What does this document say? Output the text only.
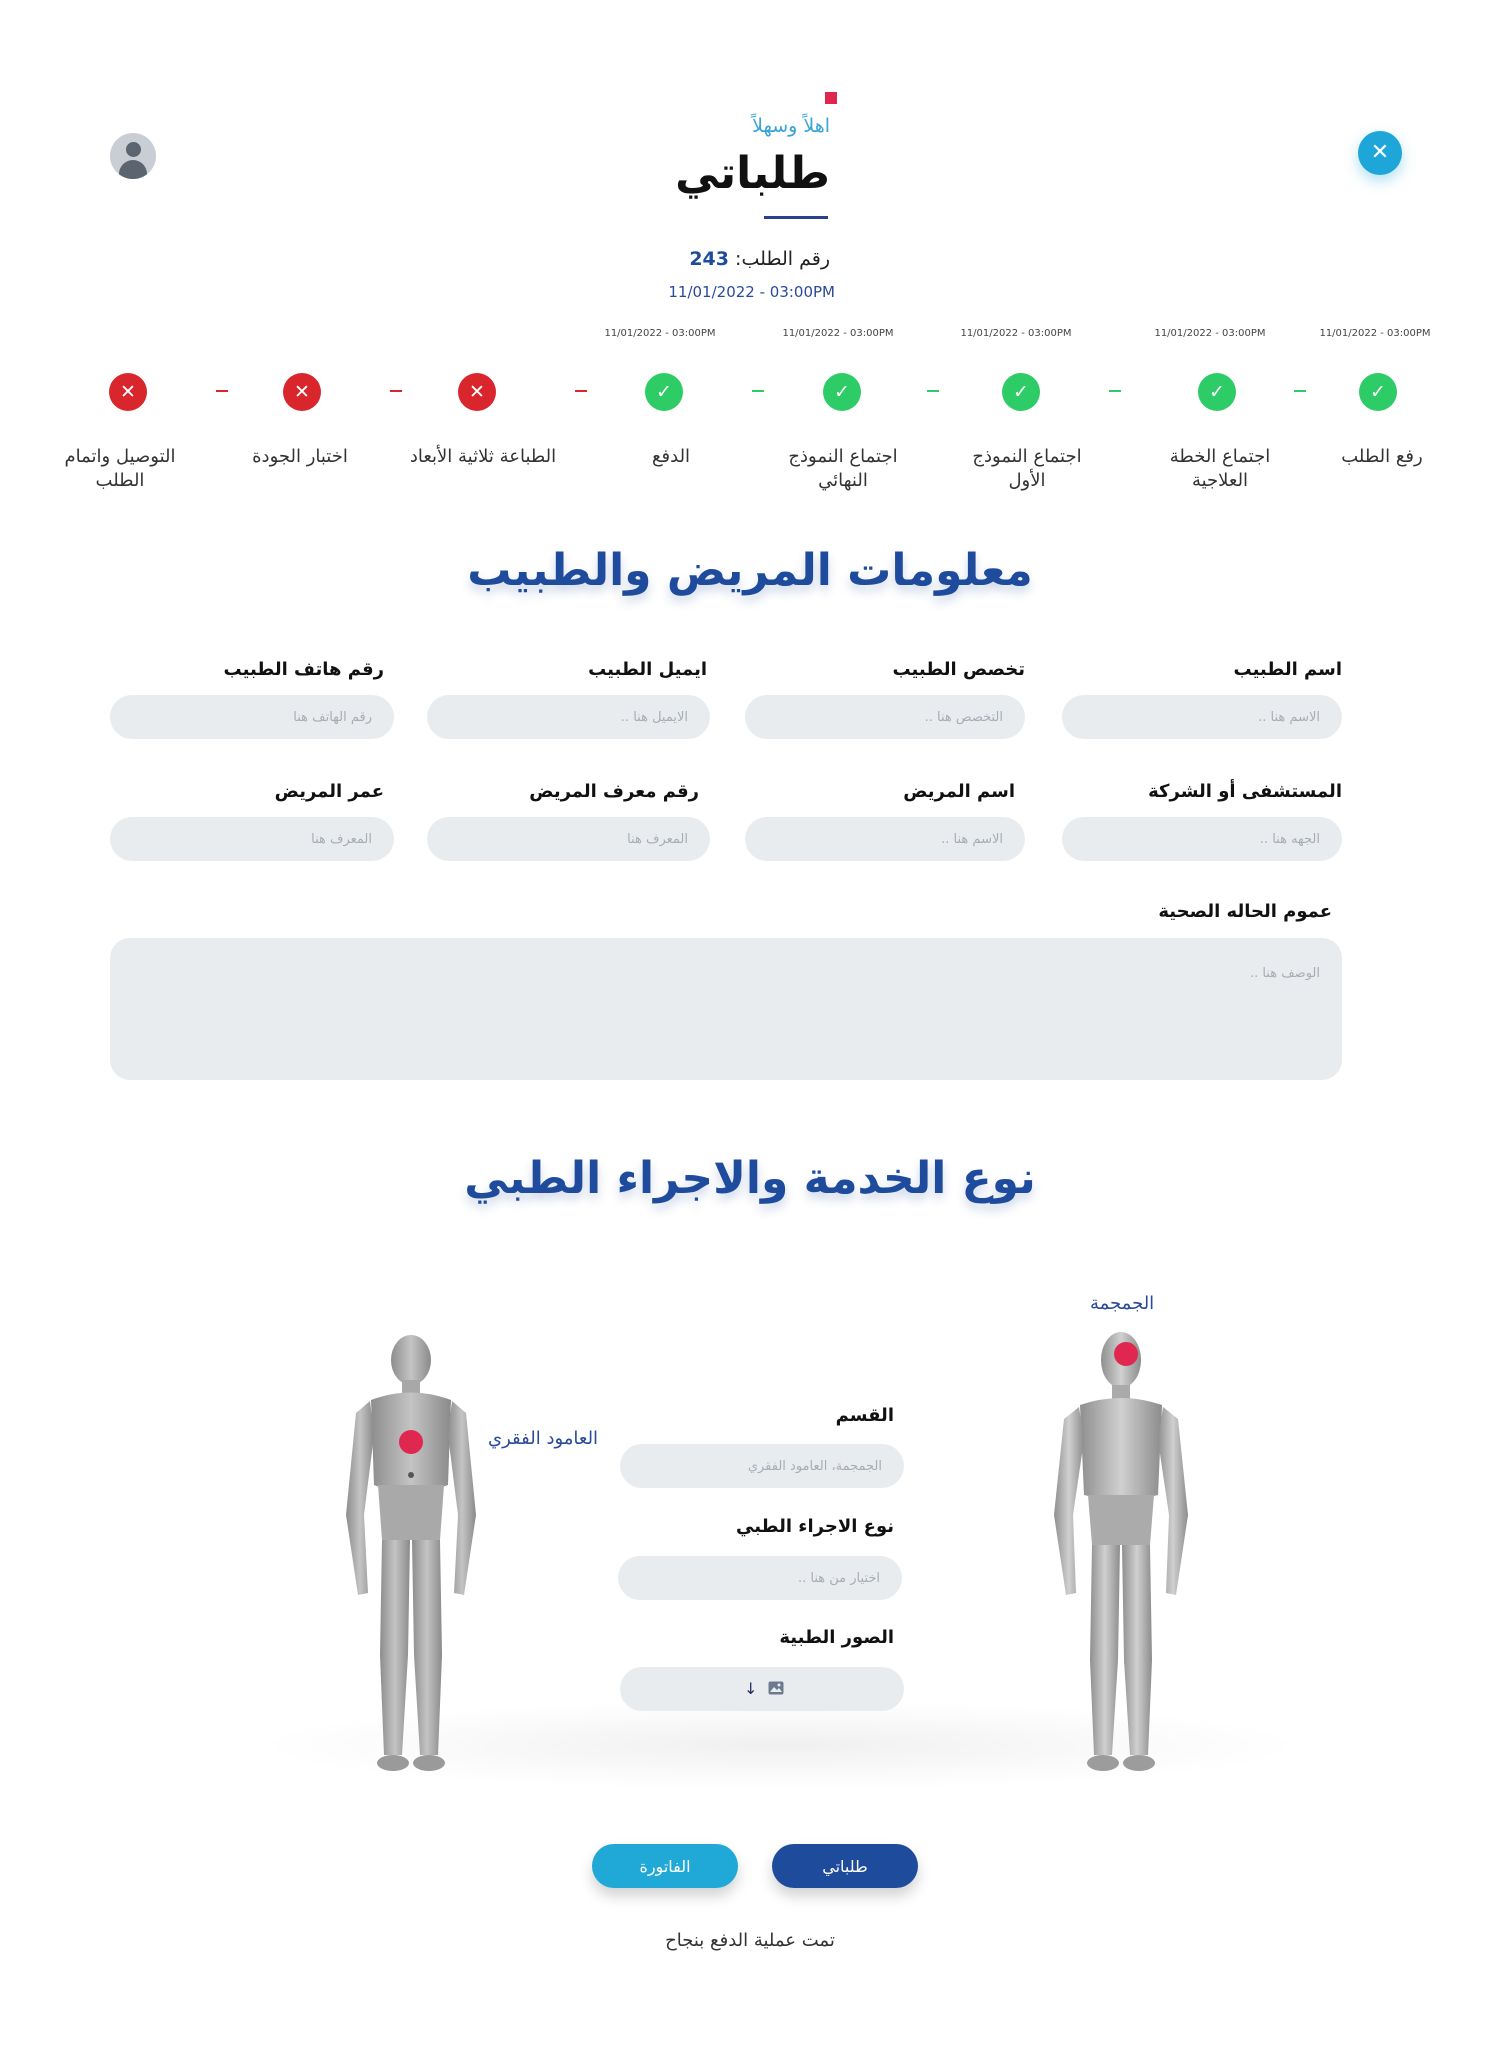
✕
اهلاً وسهلاً
طلباتي
رقم الطلب: 243
11/01/2022 - 03:00PM
11/01/2022 - 03:00PM
11/01/2022 - 03:00PM
11/01/2022 - 03:00PM
11/01/2022 - 03:00PM
11/01/2022 - 03:00PM
✓
✓
✓
✓
✓
✕
✕
✕
رفع الطلب
اجتماع الخطة العلاجية
اجتماع النموذج الأول
اجتماع النموذج النهائي
الدفع
الطباعة ثلاثية الأبعاد
اختبار الجودة
التوصيل واتمام الطلب
معلومات المريض والطبيب
اسم الطبيب
تخصص الطبيب
ايميل الطبيب
رقم هاتف الطبيب
الاسم هنا ..
التخصص هنا ..
الايميل هنا ..
رقم الهاتف هنا
المستشفى أو الشركة
اسم المريض
رقم معرف المريض
عمر المريض
الجهه هنا ..
الاسم هنا ..
المعرف هنا
المعرف هنا
عموم الحاله الصحية
الوصف هنا ..
نوع الخدمة والاجراء الطبي
الجمجمة
العامود الفقري
القسم
الجمجمة، العامود الفقري
نوع الاجراء الطبي
اختيار من هنا ..
الصور الطبية
↓
طلباتي
الفاتورة
تمت عملية الدفع بنجاح
